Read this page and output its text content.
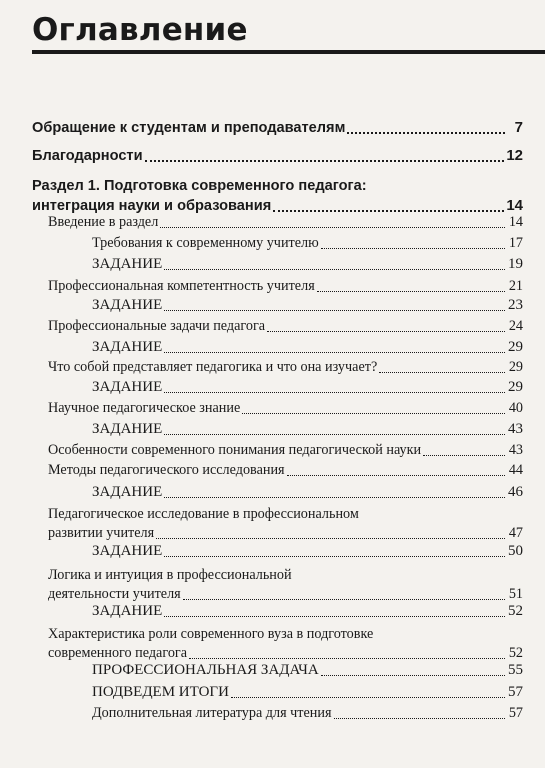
Оглавление
Обращение к студентам и преподавателям	7
Благодарности	12
Раздел 1. Подготовка современного педагога:
интеграция науки и образования	14
Введение в раздел	14
Требования к современному учителю	17
ЗАДАНИЕ	19
Профессиональная компетентность учителя	21
ЗАДАНИЕ	23
Профессиональные задачи педагога	24
ЗАДАНИЕ	29
Что собой представляет педагогика и что она изучает?	29
ЗАДАНИЕ	29
Научное педагогическое знание	40
ЗАДАНИЕ	43
Особенности современного понимания педагогической науки	43
Методы педагогического исследования	44
ЗАДАНИЕ	46
Педагогическое исследование в профессиональном
развитии учителя	47
ЗАДАНИЕ	50
Логика и интуиция в профессиональной
деятельности учителя	51
ЗАДАНИЕ	52
Характеристика роли современного вуза в подготовке
современного педагога	52
ПРОФЕССИОНАЛЬНАЯ ЗАДАЧА	55
ПОДВЕДЕМ ИТОГИ	57
Дополнительная литература для чтения	57
